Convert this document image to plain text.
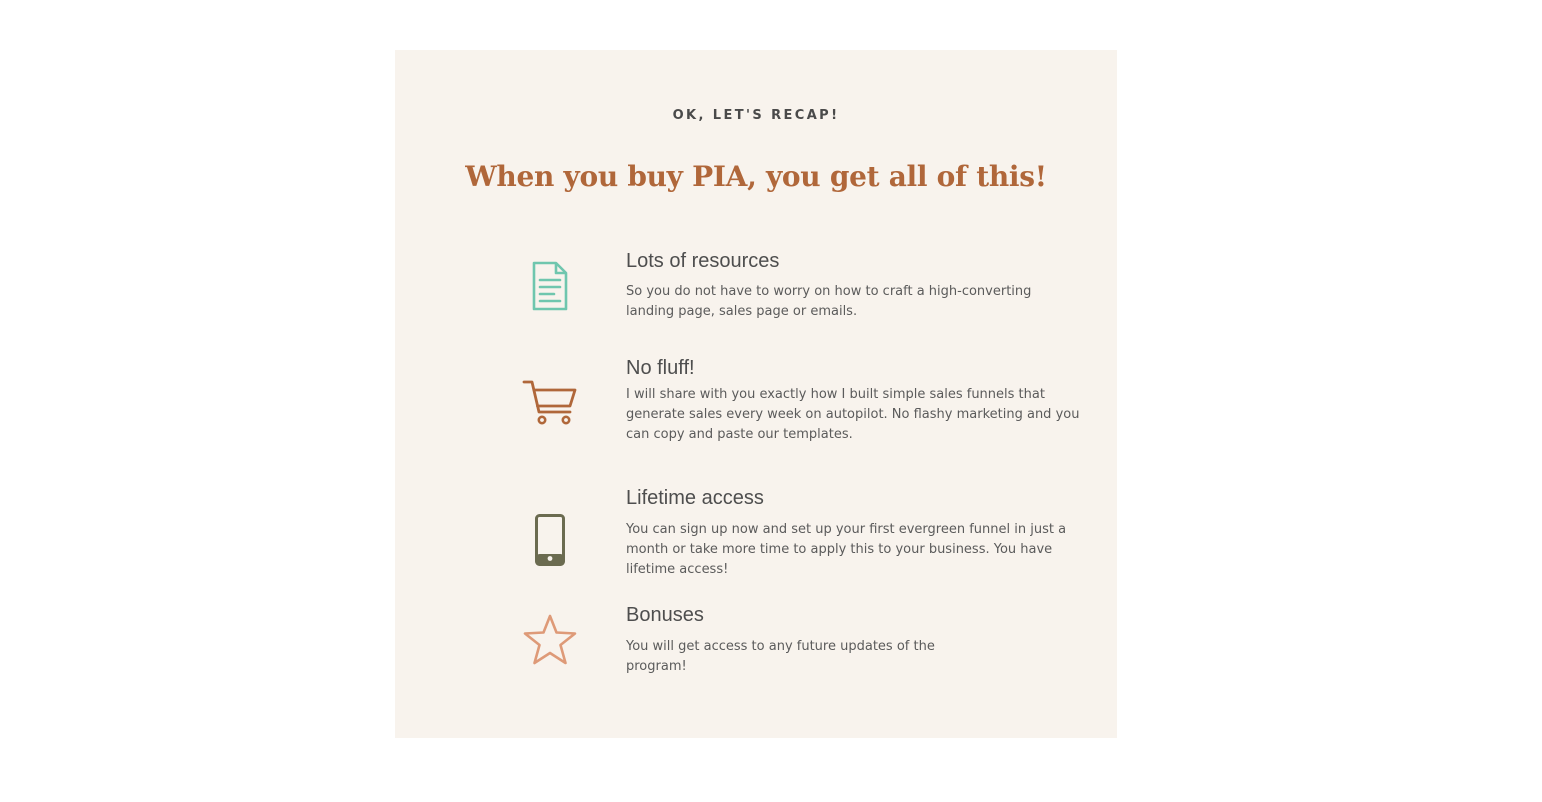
OK, LET'S RECAP!
When you buy PIA, you get all of this!
Lots of resources
So you do not have to worry on how to craft a high-converting landing page, sales page or emails.
No fluff!
I will share with you exactly how I built simple sales funnels that generate sales every week on autopilot. No flashy marketing and you can copy and paste our templates.
Lifetime access
You can sign up now and set up your first evergreen funnel in just a month or take more time to apply this to your business. You have lifetime access!
Bonuses
You will get access to any future updates of the program!
